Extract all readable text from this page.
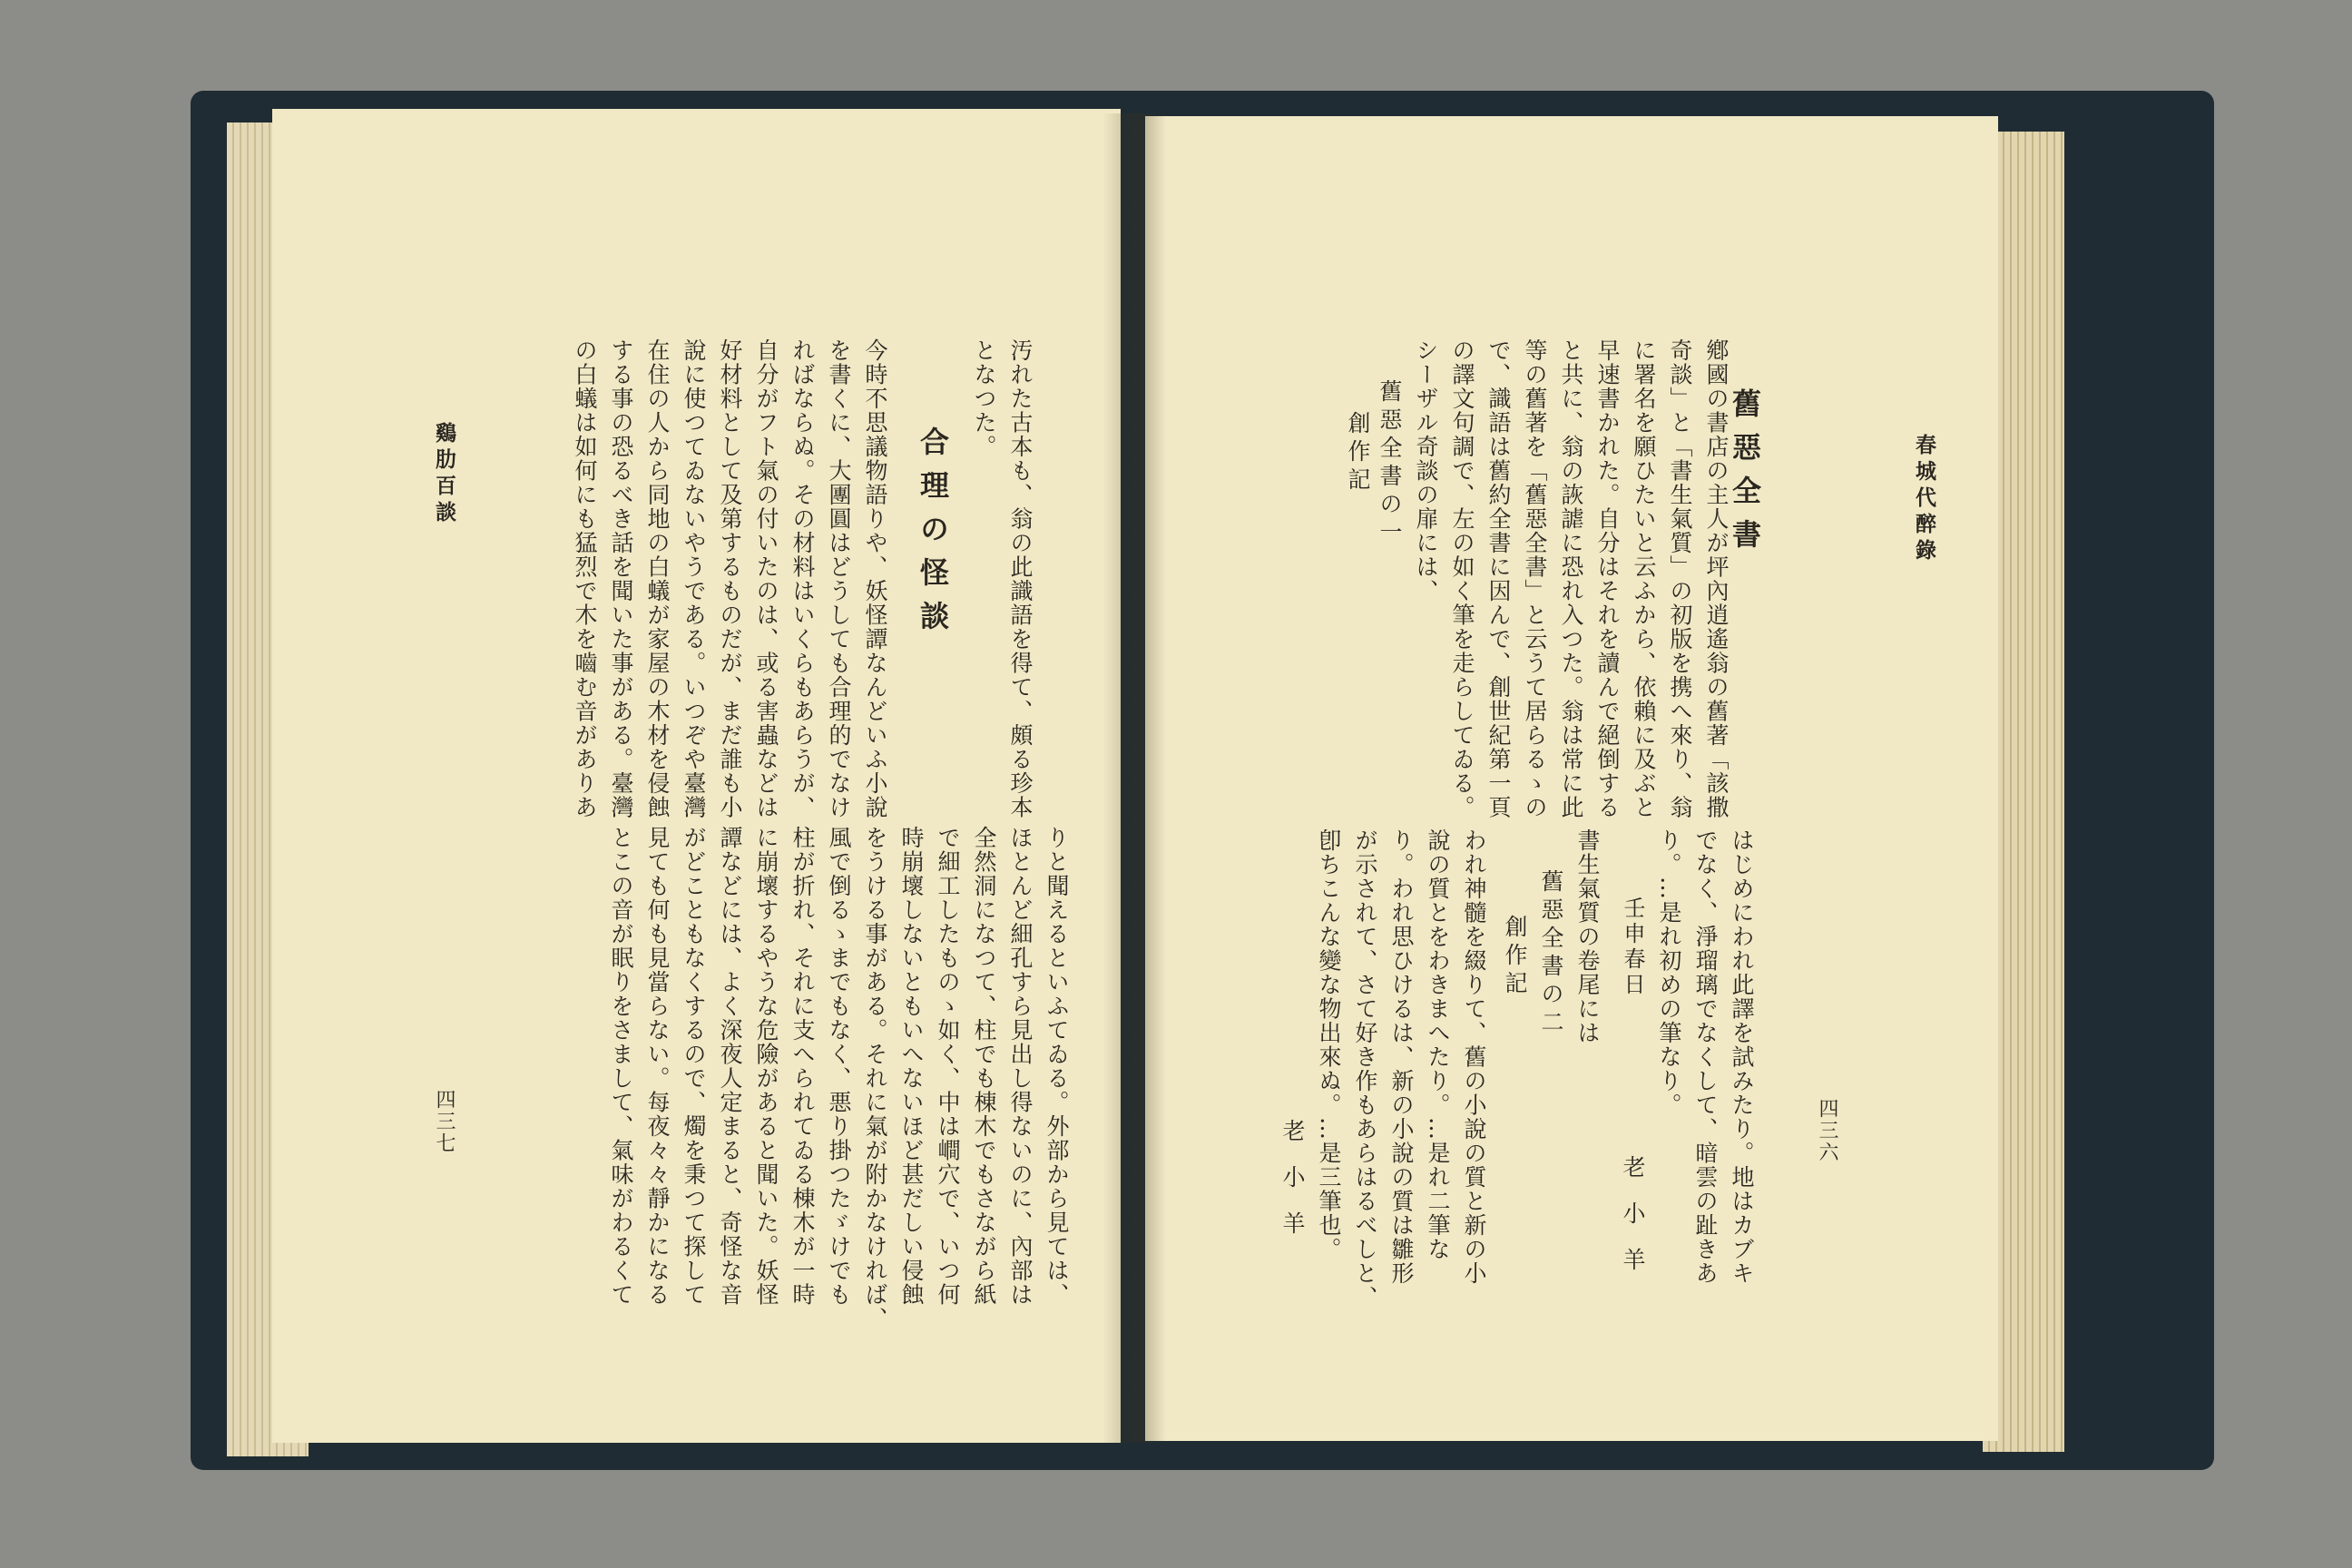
春城代醉錄
四三六
舊惡全書
鄕國の書店の主人が坪內逍遙翁の舊著「該撒
奇談」と「書生氣質」の初版を携へ來り、翁
に署名を願ひたいと云ふから、依賴に及ぶと
早速書かれた。自分はそれを讀んで絕倒する
と共に、翁の詼謔に恐れ入つた。翁は常に此
等の舊著を「舊惡全書」と云うて居らるゝの
で、識語は舊約全書に因んで、創世紀第一頁
の譯文句調で、左の如く筆を走らしてゐる。
シーザル奇談の扉には、
舊惡全書の一
創作記
はじめにわれ此譯を試みたり。地はカブキ
でなく、淨瑠璃でなくして、暗雲の趾きあ
り。…是れ初めの筆なり。
壬申春日
老小羊
書生氣質の卷尾には
舊惡全書の二
創作記
われ神髓を綴りて、舊の小說の質と新の小
說の質とをわきまへたり。…是れ二筆な
り。われ思ひけるは、新の小說の質は雛形
が示されて、さて好き作もあらはるべしと、
卽ちこんな變な物出來ぬ。…是三筆也。
老小羊
汚れた古本も、翁の此識語を得て、頗る珍本
となつた。
合理の怪談
今時不思議物語りや、妖怪譚なんどいふ小說
を書くに、大團圓はどうしても合理的でなけ
ればならぬ。その材料はいくらもあらうが、
自分がフト氣の付いたのは、或る害蟲などは
好材料として及第するものだが、まだ誰も小
說に使つてゐないやうである。いつぞや臺灣
在住の人から同地の白蟻が家屋の木材を侵蝕
する事の恐るべき話を聞いた事がある。臺灣
の白蟻は如何にも猛烈で木を嚙む音がありあ
鷄肋百談
りと聞えるといふてゐる。外部から見ては、
ほとんど細孔すら見出し得ないのに、內部は
全然洞になつて、柱でも棟木でもさながら紙
で細工したものゝ如く、中は𡼏穴で、いつ何
時崩壞しないともいへないほど甚だしい侵蝕
をうける事がある。それに氣が附かなければ、
風で倒るゝまでもなく、悪り掛つたゞけでも
柱が折れ、それに支へられてゐる棟木が一時
に崩壞するやうな危險があると聞いた。妖怪
譚などには、よく深夜人定まると、奇怪な音
がどこともなくするので、燭を秉つて探して
見ても何も見當らない。每夜々々靜かになる
とこの音が眠りをさまして、氣味がわるくて
四三七
